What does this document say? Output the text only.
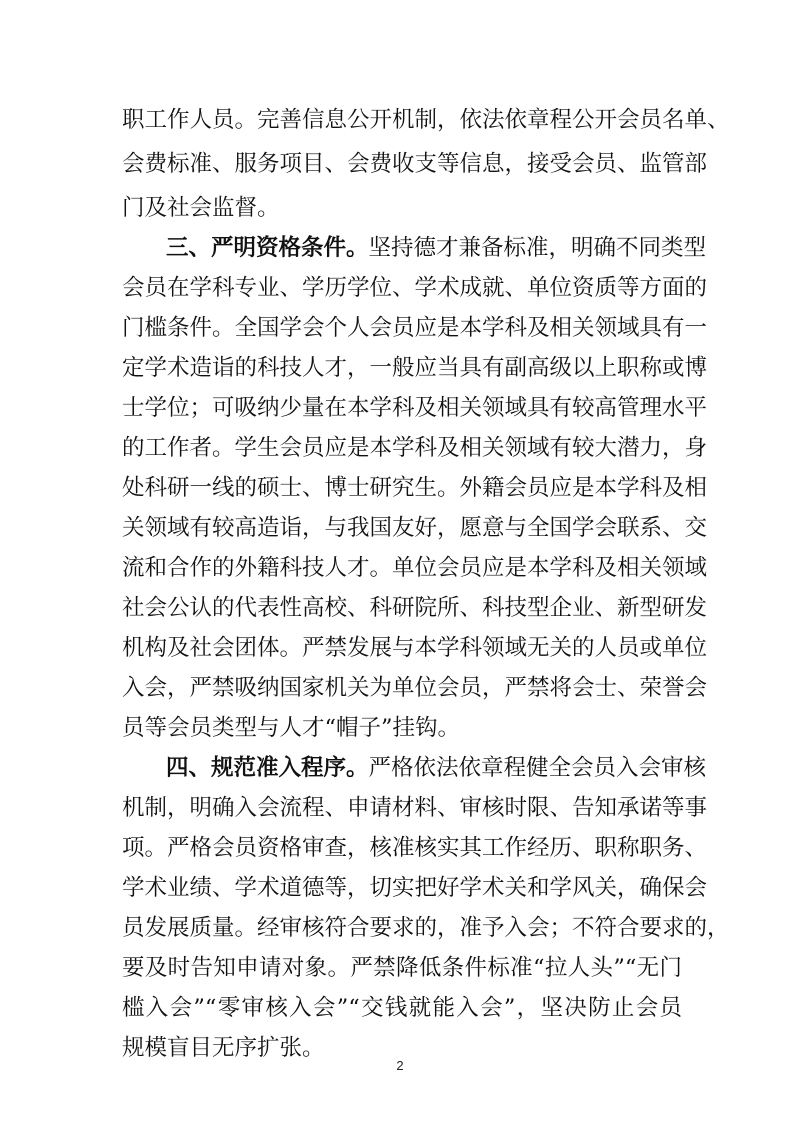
职工作人员。完善信息公开机制，依法依章程公开会员名单、
会费标准、服务项目、会费收支等信息，接受会员、监管部
门及社会监督。
三、严明资格条件。坚持德才兼备标准，明确不同类型
会员在学科专业、学历学位、学术成就、单位资质等方面的
门槛条件。全国学会个人会员应是本学科及相关领域具有一
定学术造诣的科技人才，一般应当具有副高级以上职称或博
士学位；可吸纳少量在本学科及相关领域具有较高管理水平
的工作者。学生会员应是本学科及相关领域有较大潜力，身
处科研一线的硕士、博士研究生。外籍会员应是本学科及相
关领域有较高造诣，与我国友好，愿意与全国学会联系、交
流和合作的外籍科技人才。单位会员应是本学科及相关领域
社会公认的代表性高校、科研院所、科技型企业、新型研发
机构及社会团体。严禁发展与本学科领域无关的人员或单位
入会，严禁吸纳国家机关为单位会员，严禁将会士、荣誉会
员等会员类型与人才“帽子”挂钩。
四、规范准入程序。严格依法依章程健全会员入会审核
机制，明确入会流程、申请材料、审核时限、告知承诺等事
项。严格会员资格审查，核准核实其工作经历、职称职务、
学术业绩、学术道德等，切实把好学术关和学风关，确保会
员发展质量。经审核符合要求的，准予入会；不符合要求的，
要及时告知申请对象。严禁降低条件标准“拉人头”“无门
槛入会”“零审核入会”“交钱就能入会”，坚决防止会员
规模盲目无序扩张。
2
